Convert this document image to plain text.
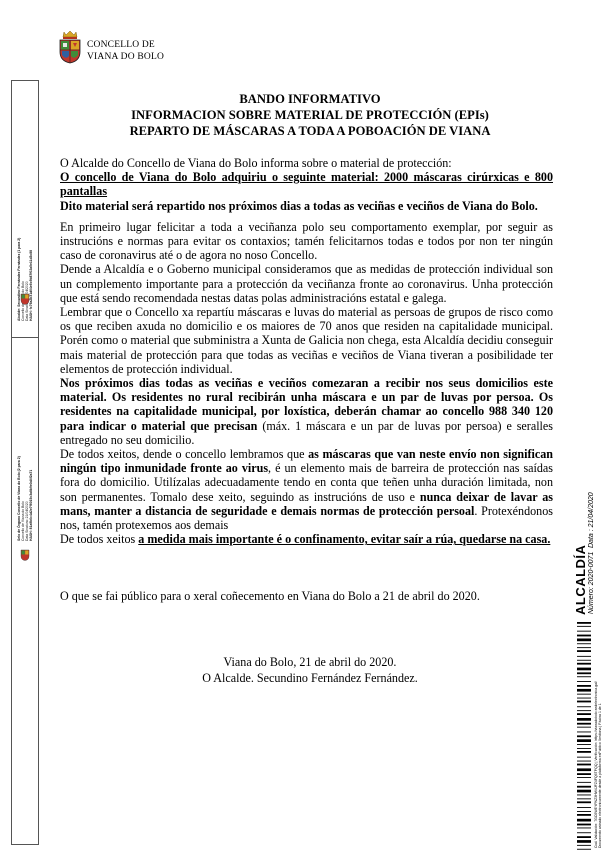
CONCELLO DE
VIANA DO BOLO
Alcalde: Secundino Fernández Fernández (1 para 2) HASH: fc76a2b31d04e6c9b87f02a5e11d3c88
Selo de Órgano Concello de Viana do Bolo (2 para 2) Concello de Viana do Bolo Data Sinatura: 21/04/2020 HASH: 81a9b0c4d2e7f6015c3a8b9e0d4f2a71
BANDO INFORMATIVO
INFORMACION SOBRE MATERIAL DE PROTECCIÓN (EPIs)
REPARTO DE MÁSCARAS A TODA A POBOACIÓN DE VIANA

O Alcalde do Concello de Viana do Bolo informa sobre o material de protección:

O concello de Viana do Bolo adquiriu o seguinte material: 2000 máscaras cirúrxicas e 800 pantallas

Dito material será repartido nos próximos dias a todas as veciñas e veciños de Viana do Bolo.

En primeiro lugar felicitar a toda a veciñanza polo seu comportamento exemplar, por seguir as instrucións e normas para evitar os contaxios; tamén felicitarnos todas e todos por non ter ningún caso de coronavirus até o de agora no noso Concello.

Dende a Alcaldía e o Goberno municipal consideramos que as medidas de protección individual son un complemento importante para a protección da veciñanza fronte ao coronavirus. Unha protección que está sendo recomendada nestas datas polas administracións estatal e galega.

Lembrar que o Concello xa repartíu máscaras e luvas do material as persoas de grupos de risco como os que reciben axuda no domicilio e os maiores de 70 anos que residen na capitalidade municipal. Porén como o material que subministra a Xunta de Galicia non chega, esta Alcaldía decidiu conseguir mais material de protección para que todas as veciñas e veciños de Viana tiveran a posibilidade ter elementos de protección individual.

Nos próximos dias todas as veciñas e veciños comezaran a recibir nos seus domicilios este material. Os residentes no rural recibirán unha máscara e un par de luvas por persoa. Os residentes na capitalidade municipal, por loxística, deberán chamar ao concello 988 340 120 para indicar o material que precisan (máx. 1 máscara e un par de luvas por persoa) e seralles entregado no seu domicilio.

De todos xeitos, dende o concello lembramos que as máscaras que van neste envío non significan ningún tipo inmunidade fronte ao virus, é un elemento mais de barreira de protección nas saídas fora do domicilio. Utilízalas adecuadamente tendo en conta que teñen unha duración limitada, non son permanentes. Tomalo dese xeito, seguindo as instrucións de uso e nunca deixar de lavar as mans, manter a distancia de seguridade e demais normas de protección persoal. Protexéndonos nos, tamén protexemos aos demais

De todos xeitos a medida mais importante é o confinamento, evitar saír a rúa, quedarse na casa.

O que se fai público para o xeral coñecemento en Viana do Bolo a 21 de abril do 2020.
Viana do Bolo, 21 de abril do 2020.
O Alcalde. Secundino Fernández Fernández.
ALCALDÍA Número: 2020-0071
Data : 21/04/2020
Cod. Validación: 7GC6WEYFNZ3HW4JFZ4FQ6TPQQ | Verificación: https://vianadobolo.sedelectronica.gal/ Documento asinado electronicamente desde a plataforma esPublico Xestiona | Páxina 1 de 1
